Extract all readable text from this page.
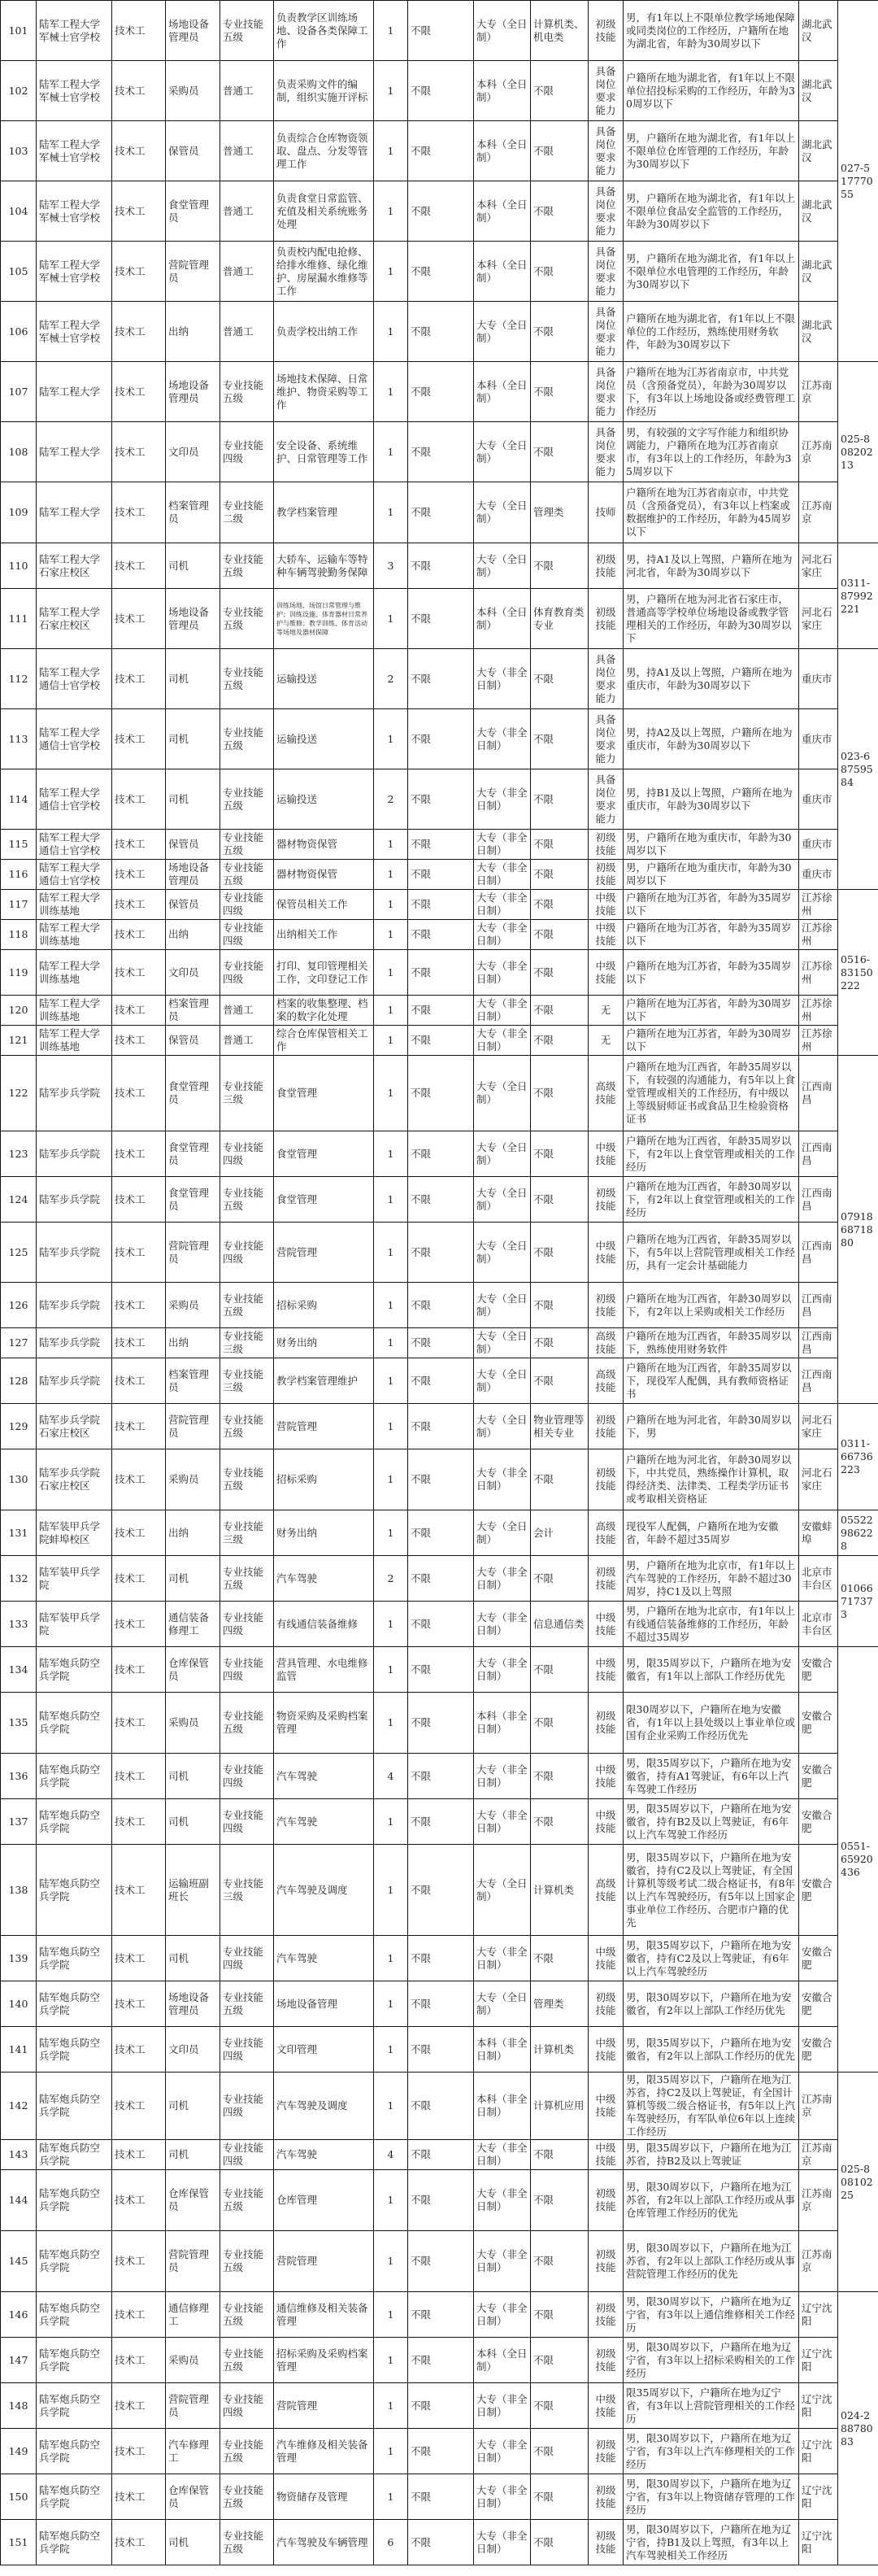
101	陆军工程大学军械士官学校	技术工	场地设备管理员	专业技能五级	负责教学区训练场地、设备各类保障工作	1	不限	大专（全日制）	计算机类、机电类	初级技能	男，有1年以上不限单位教学场地保障或同类岗位的工作经历，户籍所在地为湖北省，年龄为30周岁以下	湖北武汉	027-51777055
102	陆军工程大学军械士官学校	技术工	采购员	普通工	负责采购文件的编制，组织实施开评标	1	不限	本科（全日制）	不限	具备岗位要求能力	户籍所在地为湖北省，有1年以上不限单位招投标采购的工作经历，年龄为30周岁以下	湖北武汉	
103	陆军工程大学军械士官学校	技术工	保管员	普通工	负责综合仓库物资领取、盘点、分发等管理工作	1	不限	本科（全日制）	不限	具备岗位要求能力	男，户籍所在地为湖北省，有1年以上不限单位仓库管理的工作经历，年龄为30周岁以下	湖北武汉	
104	陆军工程大学军械士官学校	技术工	食堂管理员	普通工	负责食堂日常监管、充值及相关系统账务处理	1	不限	本科（全日制）	不限	具备岗位要求能力	男，户籍所在地为湖北省，有1年以上不限单位食品安全监管的工作经历，年龄为30周岁以下	湖北武汉	
105	陆军工程大学军械士官学校	技术工	营院管理员	普通工	负责校内配电抢修、给排水维修、绿化维护、房屋漏水维修等工作	1	不限	本科（全日制）	不限	具备岗位要求能力	男，户籍所在地为湖北省，有1年以上不限单位水电管理的工作经历，年龄为30周岁以下	湖北武汉	
106	陆军工程大学军械士官学校	技术工	出纳	普通工	负责学校出纳工作	1	不限	大专（全日制）	不限	具备岗位要求能力	户籍所在地为湖北省，有1年以上不限单位的工作经历，熟练使用财务软件，年龄为30周岁以下	湖北武汉	
107	陆军工程大学	技术工	场地设备管理员	专业技能五级	场地技术保障、日常维护、物资采购等工作	1	不限	本科（全日制）	不限	具备岗位要求能力	户籍所在地为江苏省南京市，中共党员（含预备党员），年龄为30周岁以下，有3年以上场地设备或经费管理工作经历	江苏南京	025-80820213
108	陆军工程大学	技术工	文印员	专业技能四级	安全设备、系统维护、日常管理等工作	1	不限	大专（全日制）	不限	具备岗位要求能力	男，有较强的文字写作能力和组织协调能力，户籍所在地为江苏省南京市，有3年以上的工作经历，年龄为35周岁以下	江苏南京	
109	陆军工程大学	技术工	档案管理员	专业技能二级	教学档案管理	1	不限	大专（全日制）	管理类	技师	户籍所在地为江苏省南京市，中共党员（含预备党员），有3年以上档案或数据维护的工作经历，年龄为45周岁以下	江苏南京	
110	陆军工程大学石家庄校区	技术工	司机	专业技能五级	大轿车、运输车等特种车辆驾驶勤务保障	3	不限	大专（全日制）	不限	初级技能	男，持A1及以上驾照，户籍所在地为河北省，年龄为30周岁以下	河北石家庄	0311-87992221
111	陆军工程大学石家庄校区	技术工	场地设备管理员	专业技能五级	训练场地、场馆日常管理与维护；训练设施、体育器材日常养护与维修；教学训练、体育活动等场地及器材保障	1	不限	本科（全日制）	体育教育类专业	初级技能	男，户籍所在地为河北省石家庄市，普通高等学校单位场地设备或教学管理相关的工作经历，年龄为30周岁以下	河北石家庄	
112	陆军工程大学通信士官学校	技术工	司机	专业技能五级	运输投送	2	不限	大专（非全日制）	不限	具备岗位要求能力	男，持A1及以上驾照，户籍所在地为重庆市，年龄为30周岁以下	重庆市	023-68759584
113	陆军工程大学通信士官学校	技术工	司机	专业技能五级	运输投送	1	不限	大专（非全日制）	不限	具备岗位要求能力	男，持A2及以上驾照，户籍所在地为重庆市，年龄为30周岁以下	重庆市	
114	陆军工程大学通信士官学校	技术工	司机	专业技能五级	运输投送	2	不限	大专（非全日制）	不限	具备岗位要求能力	男，持B1及以上驾照，户籍所在地为重庆市，年龄为30周岁以下	重庆市	
115	陆军工程大学通信士官学校	技术工	保管员	专业技能五级	器材物资保管	1	不限	大专（非全日制）	不限	初级技能	男，户籍所在地为重庆市，年龄为30周岁以下	重庆市	
116	陆军工程大学通信士官学校	技术工	场地设备管理员	专业技能五级	器材物资保管	1	不限	大专（非全日制）	不限	初级技能	男，户籍所在地为重庆市，年龄为30周岁以下	重庆市	
117	陆军工程大学训练基地	技术工	保管员	专业技能四级	保管员相关工作	1	不限	大专（非全日制）	不限	中级技能	户籍所在地为江苏省，年龄为35周岁以下	江苏徐州	0516-83150222
118	陆军工程大学训练基地	技术工	出纳	专业技能四级	出纳相关工作	1	不限	大专（非全日制）	不限	中级技能	户籍所在地为江苏省，年龄为35周岁以下	江苏徐州	
119	陆军工程大学训练基地	技术工	文印员	专业技能四级	打印、复印管理相关工作，文印登记工作	1	不限	大专（非全日制）	不限	中级技能	户籍所在地为江苏省，年龄为35周岁以下	江苏徐州	
120	陆军工程大学训练基地	技术工	档案管理员	普通工	档案的收集整理、档案的数字化处理	1	不限	大专（非全日制）	不限	无	户籍所在地为江苏省，年龄为30周岁以下	江苏徐州	
121	陆军工程大学训练基地	技术工	保管员	普通工	综合仓库保管相关工作	1	不限	大专（非全日制）	不限	无	户籍所在地为江苏省，年龄为30周岁以下	江苏徐州	
122	陆军步兵学院	技术工	食堂管理员	专业技能三级	食堂管理	1	不限	大专（全日制）	不限	高级技能	户籍所在地为江西省，年龄35周岁以下，有较强的沟通能力，有5年以上食堂管理或相关的工作经历，有中级以上等级厨师证书或食品卫生检验资格证书	江西南昌	0791868718 80
123	陆军步兵学院	技术工	食堂管理员	专业技能四级	食堂管理	1	不限	大专（全日制）	不限	中级技能	户籍所在地为江西省，年龄35周岁以下，有2年以上食堂管理或相关的工作经历	江西南昌	
124	陆军步兵学院	技术工	食堂管理员	专业技能五级	食堂管理	1	不限	大专（全日制）	不限	初级技能	户籍所在地为江西省，年龄30周岁以下，有2年以上食堂管理或相关的工作经历	江西南昌	
125	陆军步兵学院	技术工	营院管理员	专业技能四级	营院管理	1	不限	大专（全日制）	不限	中级技能	户籍所在地为江西省，年龄35周岁以下，有5年以上营院管理或相关工作经历，具有一定会计基础能力	江西南昌	
126	陆军步兵学院	技术工	采购员	专业技能五级	招标采购	1	不限	大专（全日制）	不限	初级技能	户籍所在地为江西省，年龄30周岁以下，有2年以上采购或相关工作经历	江西南昌	
127	陆军步兵学院	技术工	出纳	专业技能三级	财务出纳	1	不限	大专（全日制）	不限	高级技能	户籍所在地为江西省，年龄35周岁以下，熟练使用财务软件	江西南昌	
128	陆军步兵学院	技术工	档案管理员	专业技能三级	教学档案管理维护	1	不限	大专（全日制）	不限	高级技能	户籍所在地为江西省，年龄35周岁以下，现役军人配偶，具有教师资格证书	江西南昌	
129	陆军步兵学院石家庄校区	技术工	营院管理员	专业技能五级	营院管理	1	不限	大专（全日制）	物业管理等相关专业	初级技能	户籍所在地为河北省，年龄30周岁以下，男	河北石家庄	0311-66736223
130	陆军步兵学院石家庄校区	技术工	采购员	专业技能五级	招标采购	1	不限	大专（非全日制）	不限	初级技能	户籍所在地为河北省，年龄30周岁以下，中共党员，熟练操作计算机，取得经济类、法律类、工程类学历证书或考取相关资格证	河北石家庄	
131	陆军装甲兵学院蚌埠校区	技术工	出纳	专业技能三级	财务出纳	1	不限	大专（全日制）	会计	高级技能	现役军人配偶，户籍所在地为安徽省，年龄不超过35周岁	安徽蚌埠	0552298622 8
132	陆军装甲兵学院	技术工	司机	专业技能五级	汽车驾驶	2	不限	大专（非全日制）	不限	初级技能	男，户籍所在地为北京市，有1年以上汽车驾驶的工作经历，年龄不超过30周岁，持C1及以上驾照	北京市丰台区	0106671737 3
133	陆军装甲兵学院	技术工	通信装备修理工	专业技能四级	有线通信装备维修	1	不限	大专（非全日制）	信息通信类	中级技能	男，户籍所在地为北京市，有1年以上有线通信装备维修的工作经历，年龄不超过35周岁	北京市丰台区	
134	陆军炮兵防空兵学院	技术工	仓库保管员	专业技能四级	营具管理、水电维修监管	1	不限	大专（非全日制）	不限	中级技能	男，限35周岁以下，户籍所在地为安徽省，有1年以上部队工作经历优先	安徽合肥	0551-65920436
135	陆军炮兵防空兵学院	技术工	采购员	专业技能五级	物资采购及采购档案管理	1	不限	本科（非全日制）	不限	初级技能	限30周岁以下，户籍所在地为安徽省，有1年以上县处级以上事业单位或国有企业采购工作经历优先	安徽合肥	
136	陆军炮兵防空兵学院	技术工	司机	专业技能四级	汽车驾驶	4	不限	大专（非全日制）	不限	中级技能	男，限35周岁以下，户籍所在地为安徽省，持有A1驾驶证，有6年以上汽车驾驶工作经历	安徽合肥	
137	陆军炮兵防空兵学院	技术工	司机	专业技能四级	汽车驾驶	1	不限	大专（非全日制）	不限	中级技能	男，限35周岁以下，户籍所在地为安徽省，持有B2及以上驾驶证，有6年以上汽车驾驶工作经历	安徽合肥	
138	陆军炮兵防空兵学院	技术工	运输班副班长	专业技能三级	汽车驾驶及调度	1	不限	大专（全日制）	计算机类	高级技能	男，限35周岁以下，户籍所在地为安徽省，持有C2及以上驾驶证，有全国计算机等级考试二级合格证书，有8年以上汽车驾驶经历，有5年以上国家企事业单位工作经历、合肥市户籍的优先	安徽合肥	
139	陆军炮兵防空兵学院	技术工	司机	专业技能四级	汽车驾驶	1	不限	大专（非全日制）	不限	中级技能	男，限35周岁以下，户籍所在地为安徽省，持有C2及以上驾驶证，有6年以上汽车驾驶经历	安徽合肥	
140	陆军炮兵防空兵学院	技术工	场地设备管理员	专业技能五级	场地设备管理	1	不限	大专（全日制）	管理类	初级技能	男，限30周岁以下，户籍所在地为安徽省，有2年以上部队工作经历优先	安徽合肥	
141	陆军炮兵防空兵学院	技术工	文印员	专业技能四级	文印管理	1	不限	本科（非全日制）	计算机类	中级技能	男，限35周岁以下，户籍所在地为安徽省，有2年以上部队工作经历的优先	安徽合肥	
142	陆军炮兵防空兵学院	技术工	司机	专业技能四级	汽车驾驶及调度	1	不限	本科（非全日制）	计算机应用	中级技能	男，限35周岁以下，户籍所在地为江苏省，持C2及以上驾驶证，有全国计算机等级二级合格证书，有5年以上汽车驾驶经历，有军队单位6年以上连续工作经历	江苏南京	025-80810225
143	陆军炮兵防空兵学院	技术工	司机	专业技能四级	汽车驾驶	4	不限	大专（非全日制）	不限	中级技能	男，限35周岁以下，户籍所在地为江苏省，持B2及以上驾驶证	江苏南京	
144	陆军炮兵防空兵学院	技术工	仓库保管员	专业技能五级	仓库管理	1	不限	大专（非全日制）	不限	初级技能	男，限30周岁以下，户籍所在地为江苏省，有2年以上部队工作经历或从事仓库管理工作经历的优先	江苏南京	
145	陆军炮兵防空兵学院	技术工	营院管理员	专业技能五级	营院管理	1	不限	大专（非全日制）	不限	初级技能	男，限30周岁以下，户籍所在地为江苏省，有2年以上部队工作经历或从事营院管理工作经历的优先	江苏南京	
146	陆军炮兵防空兵学院	技术工	通信修理工	专业技能五级	通信维修及相关装备管理	1	不限	大专（非全日制）	不限	初级技能	男，限30周岁以下，户籍所在地为辽宁省，有3年以上通信维修相关工作经历	辽宁沈阳	024-28878083
147	陆军炮兵防空兵学院	技术工	采购员	专业技能五级	招标采购及采购档案管理	1	不限	本科（全日制）	不限	初级技能	男，限30周岁以下，户籍所在地为辽宁省，有3年以上招标采购相关的工作经历	辽宁沈阳	
148	陆军炮兵防空兵学院	技术工	营院管理员	专业技能四级	营院管理	1	不限	大专（非全日制）	不限	中级技能	限35周岁以下，户籍所在地为辽宁省，有3年以上营院管理相关的工作经历	辽宁沈阳	
149	陆军炮兵防空兵学院	技术工	汽车修理工	专业技能五级	汽车维修及相关装备管理	1	不限	大专（非全日制）	不限	初级技能	男，限30周岁以下，户籍所在地为辽宁省，有3年以上汽车修理相关的工作经历	辽宁沈阳	
150	陆军炮兵防空兵学院	技术工	仓库保管员	专业技能五级	物资储存及管理	1	不限	大专（非全日制）	不限	初级技能	男，限30周岁以下，户籍所在地为辽宁省，有3年以上物资储存管理的工作经历	辽宁沈阳	
151	陆军炮兵防空兵学院	技术工	司机	专业技能五级	汽车驾驶及车辆管理	6	不限	大专（非全日制）	不限	初级技能	男，限30周岁以下，户籍所在地为辽宁省，持B1及以上驾照，有3年以上汽车驾驶相关工作经历	辽宁沈阳	
